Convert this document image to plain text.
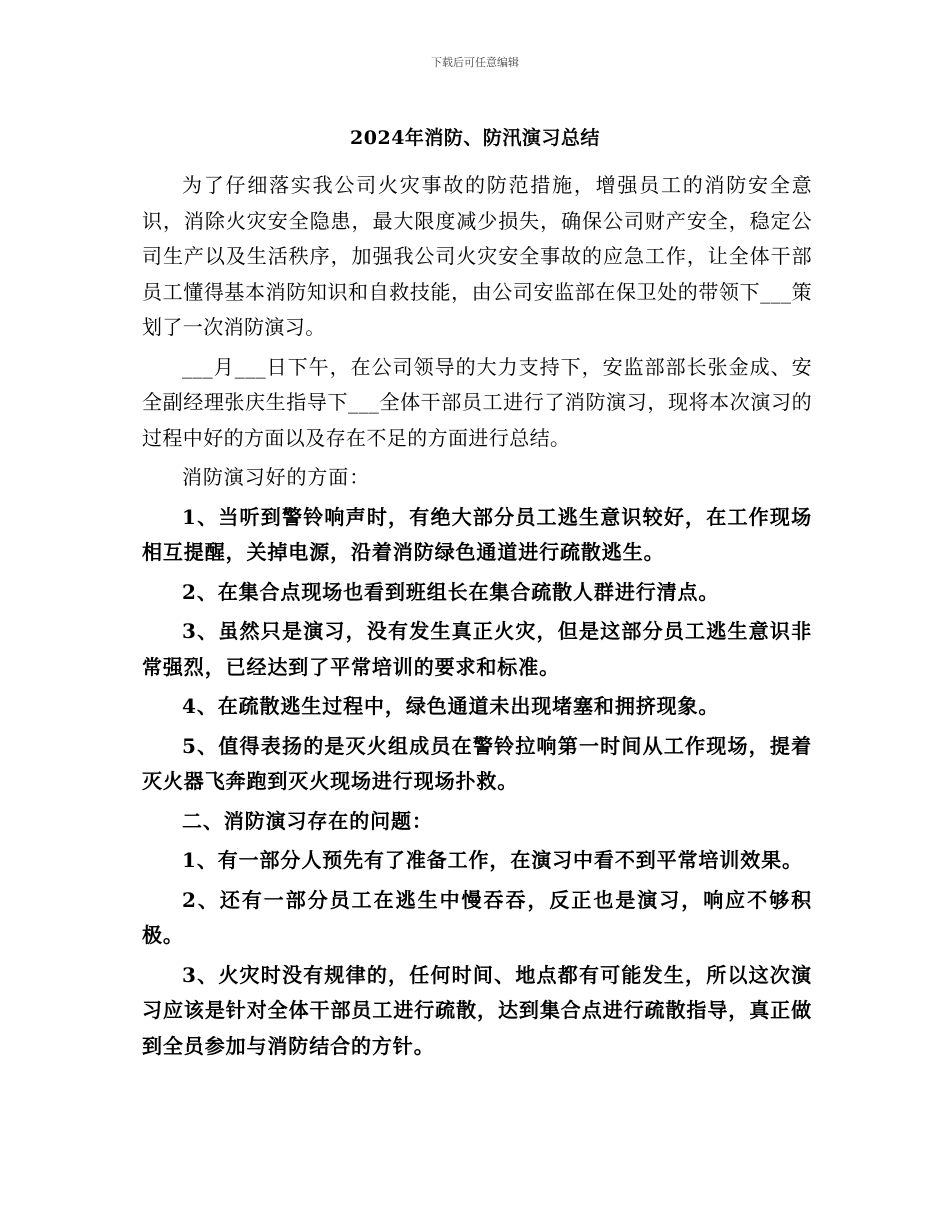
下载后可任意编辑
2024年消防、防汛演习总结

为了仔细落实我公司火灾事故的防范措施，增强员工的消防安全意识，消除火灾安全隐患，最大限度减少损失，确保公司财产安全，稳定公司生产以及生活秩序，加强我公司火灾安全事故的应急工作，让全体干部员工懂得基本消防知识和自救技能，由公司安监部在保卫处的带领下___策划了一次消防演习。

___月___日下午，在公司领导的大力支持下，安监部部长张金成、安全副经理张庆生指导下___全体干部员工进行了消防演习，现将本次演习的过程中好的方面以及存在不足的方面进行总结。

消防演习好的方面：

1、当听到警铃响声时，有绝大部分员工逃生意识较好，在工作现场相互提醒，关掉电源，沿着消防绿色通道进行疏散逃生。

2、在集合点现场也看到班组长在集合疏散人群进行清点。

3、虽然只是演习，没有发生真正火灾，但是这部分员工逃生意识非常强烈，已经达到了平常培训的要求和标准。

4、在疏散逃生过程中，绿色通道未出现堵塞和拥挤现象。

5、值得表扬的是灭火组成员在警铃拉响第一时间从工作现场，提着灭火器飞奔跑到灭火现场进行现场扑救。

二、消防演习存在的问题：

1、有一部分人预先有了准备工作，在演习中看不到平常培训效果。

2、还有一部分员工在逃生中慢吞吞，反正也是演习，响应不够积极。

3、火灾时没有规律的，任何时间、地点都有可能发生，所以这次演习应该是针对全体干部员工进行疏散，达到集合点进行疏散指导，真正做到全员参加与消防结合的方针。
